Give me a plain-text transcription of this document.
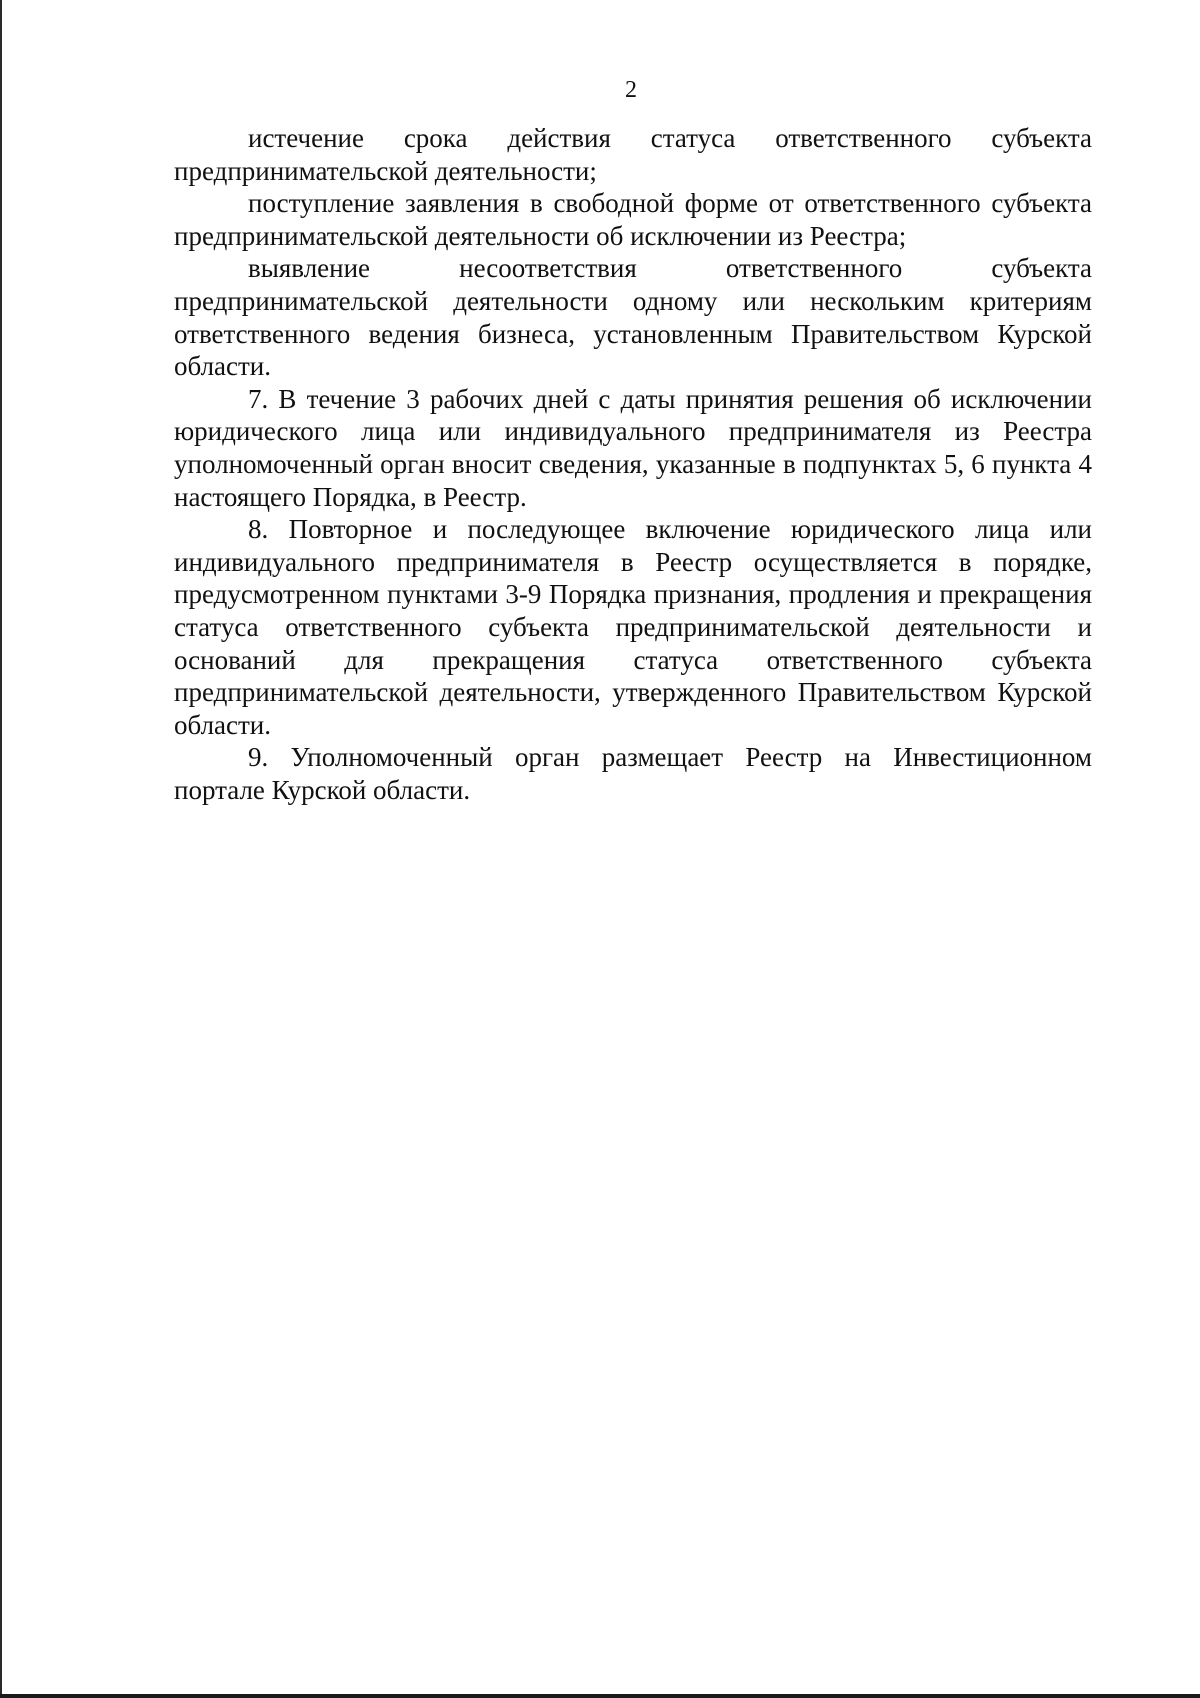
2

истечение срока действия статуса ответственного субъекта предпринимательской деятельности;

поступление заявления в свободной форме от ответственного субъекта предпринимательской деятельности об исключении из Реестра;

выявление несоответствия ответственного субъекта предпринимательской деятельности одному или нескольким критериям ответственного ведения бизнеса, установленным Правительством Курской области.

7. В течение 3 рабочих дней с даты принятия решения об исключении юридического лица или индивидуального предпринимателя из Реестра уполномоченный орган вносит сведения, указанные в подпунктах 5, 6 пункта 4 настоящего Порядка, в Реестр.

8. Повторное и последующее включение юридического лица или индивидуального предпринимателя в Реестр осуществляется в порядке, предусмотренном пунктами 3-9 Порядка признания, продления и прекращения статуса ответственного субъекта предпринимательской деятельности и оснований для прекращения статуса ответственного субъекта предпринимательской деятельности, утвержденного Правительством Курской области.

9. Уполномоченный орган размещает Реестр на Инвестиционном портале Курской области.
